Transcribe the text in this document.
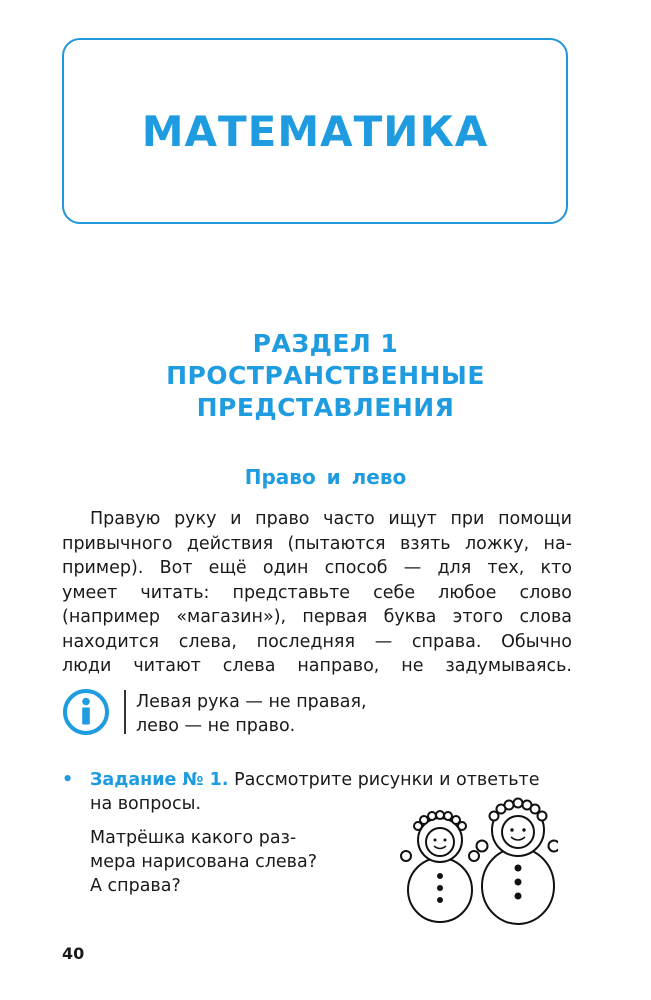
МАТЕМАТИКА
РАЗДЕЛ 1
ПРОСТРАНСТВЕННЫЕ
ПРЕДСТАВЛЕНИЯ
Право и лево
Правую руку и право часто ищут при помощи
привычного действия (пытаются взять ложку, на-
пример). Вот ещё один способ — для тех, кто
умеет читать: представьте себе любое слово
(например «магазин»), первая буква этого слова
находится слева, последняя — справа. Обычно
люди читают слева направо, не задумываясь.
Левая рука — не правая,
лево — не право.
• Задание № 1. Рассмотрите рисунки и ответьте
на вопросы.
Матрёшка какого раз-
мера нарисована слева?
А справа?
40
